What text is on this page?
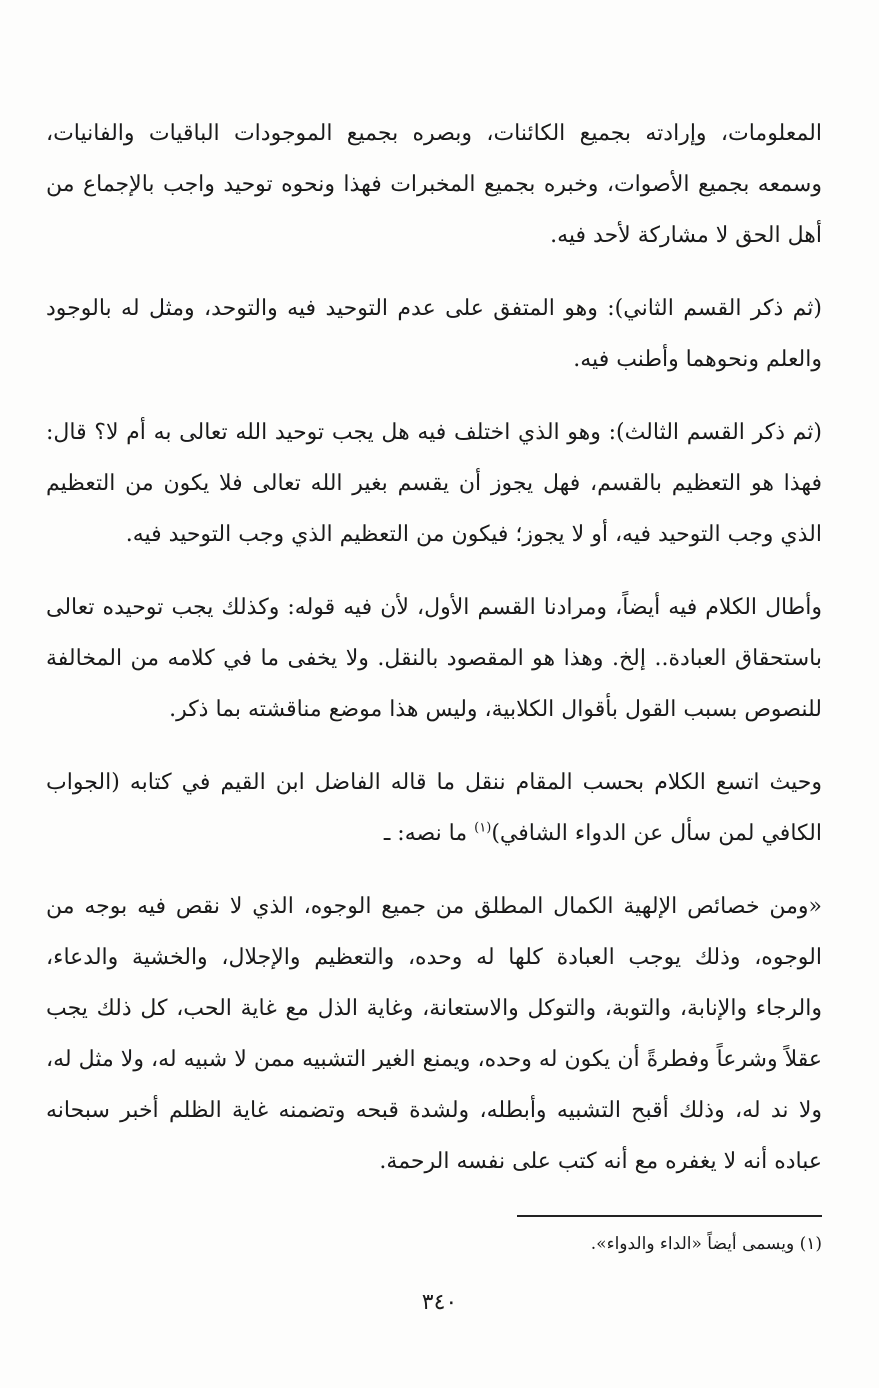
المعلومات، وإرادته بجميع الكائنات، وبصره بجميع الموجودات الباقيات والفانيات، وسمعه بجميع الأصوات، وخبره بجميع المخبرات فهذا ونحوه توحيد واجب بالإجماع من أهل الحق لا مشاركة لأحد فيه.

(ثم ذكر القسم الثاني): وهو المتفق على عدم التوحيد فيه والتوحد، ومثل له بالوجود والعلم ونحوهما وأطنب فيه.

(ثم ذكر القسم الثالث): وهو الذي اختلف فيه هل يجب توحيد الله تعالى به أم لا؟ قال: فهذا هو التعظيم بالقسم، فهل يجوز أن يقسم بغير الله تعالى فلا يكون من التعظيم الذي وجب التوحيد فيه، أو لا يجوز؛ فيكون من التعظيم الذي وجب التوحيد فيه.

وأطال الكلام فيه أيضاً، ومرادنا القسم الأول، لأن فيه قوله: وكذلك يجب توحيده تعالى باستحقاق العبادة.. إلخ. وهذا هو المقصود بالنقل. ولا يخفى ما في كلامه من المخالفة للنصوص بسبب القول بأقوال الكلابية، وليس هذا موضع مناقشته بما ذكر.

وحيث اتسع الكلام بحسب المقام ننقل ما قاله الفاضل ابن القيم في كتابه (الجواب الكافي لمن سأل عن الدواء الشافي)$^{(١)}$ ما نصه: ـ

«ومن خصائص الإلهية الكمال المطلق من جميع الوجوه، الذي لا نقص فيه بوجه من الوجوه، وذلك يوجب العبادة كلها له وحده، والتعظيم والإجلال، والخشية والدعاء، والرجاء والإنابة، والتوبة، والتوكل والاستعانة، وغاية الذل مع غاية الحب، كل ذلك يجب عقلاً وشرعاً وفطرةً أن يكون له وحده، ويمنع الغير التشبيه ممن لا شبيه له، ولا مثل له، ولا ند له، وذلك أقبح التشبيه وأبطله، ولشدة قبحه وتضمنه غاية الظلم أخبر سبحانه عباده أنه لا يغفره مع أنه كتب على نفسه الرحمة.

(١) ويسمى أيضاً «الداء والدواء».
٣٤٠
